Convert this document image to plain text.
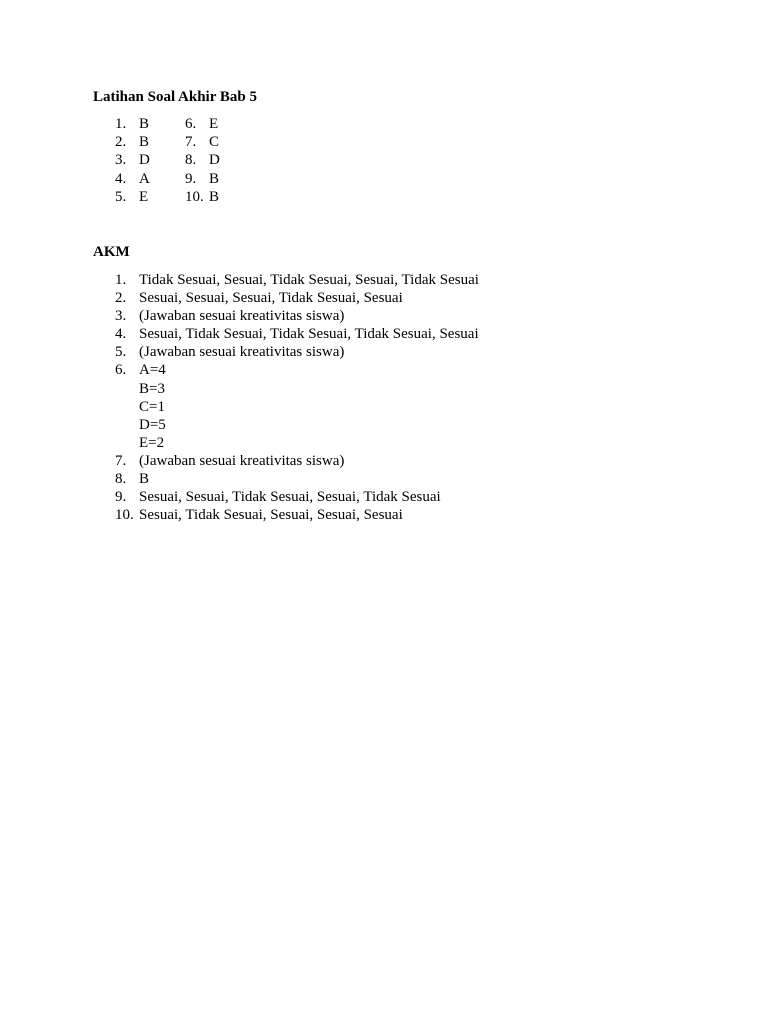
Latihan Soal Akhir Bab 5
1. B
2. B
3. D
4. A
5. E
6. E
7. C
8. D
9. B
10. B
AKM
1. Tidak Sesuai, Sesuai, Tidak Sesuai, Sesuai, Tidak Sesuai
2. Sesuai, Sesuai, Sesuai, Tidak Sesuai, Sesuai
3. (Jawaban sesuai kreativitas siswa)
4. Sesuai, Tidak Sesuai, Tidak Sesuai, Tidak Sesuai, Sesuai
5. (Jawaban sesuai kreativitas siswa)
6. A=4
B=3
C=1
D=5
E=2
7. (Jawaban sesuai kreativitas siswa)
8. B
9. Sesuai, Sesuai, Tidak Sesuai, Sesuai, Tidak Sesuai
10. Sesuai, Tidak Sesuai, Sesuai, Sesuai, Sesuai
